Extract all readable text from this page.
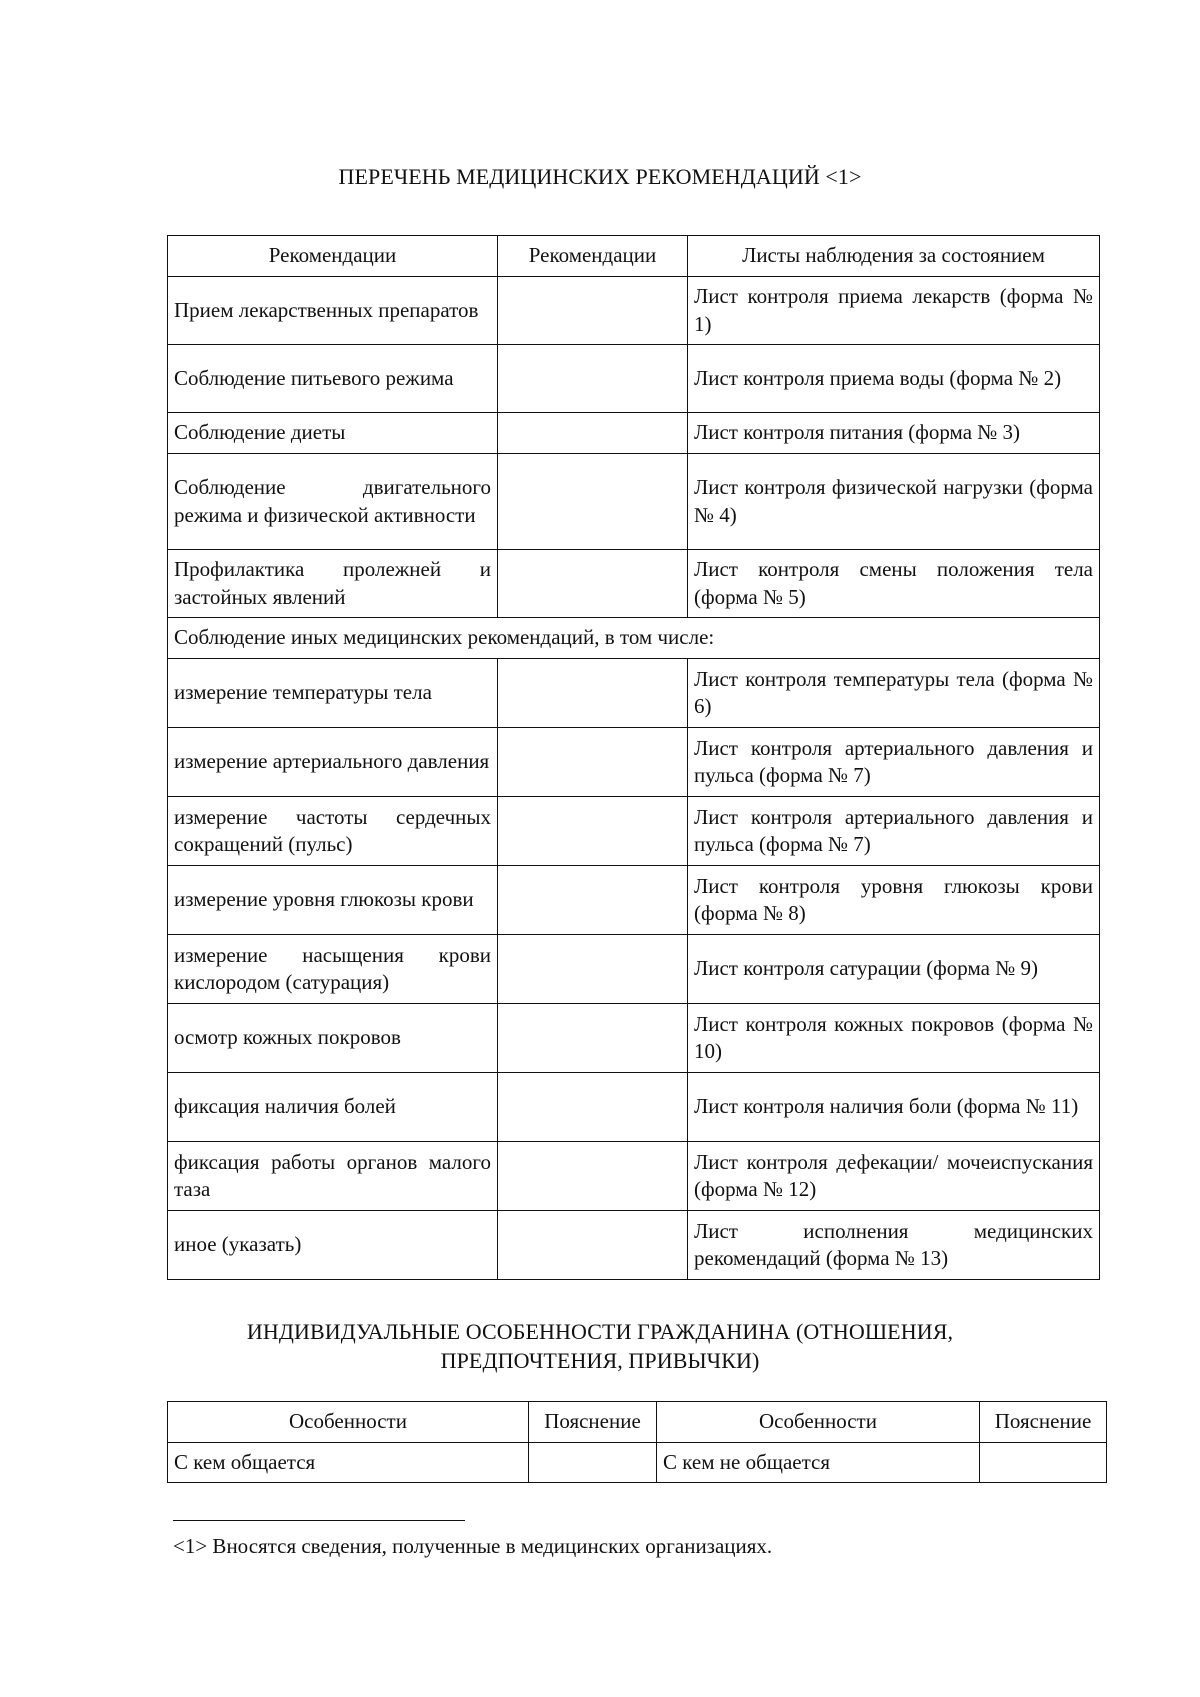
ПЕРЕЧЕНЬ МЕДИЦИНСКИХ РЕКОМЕНДАЦИЙ <1>
Рекомендации	Рекомендации	Листы наблюдения за состоянием
Прием лекарственных препаратов		Лист контроля приема лекарств (форма № 1)
Соблюдение питьевого режима		Лист контроля приема воды (форма № 2)
Соблюдение диеты		Лист контроля питания (форма № 3)
Соблюдение двигательного режима и физической активности		Лист контроля физической нагрузки (форма № 4)
Профилактика пролежней и застойных явлений		Лист контроля смены положения тела (форма № 5)
Соблюдение иных медицинских рекомендаций, в том числе:		
измерение температуры тела		Лист контроля температуры тела (форма № 6)
измерение артериального давления		Лист контроля артериального давления и пульса (форма № 7)
измерение частоты сердечных сокращений (пульс)		Лист контроля артериального давления и пульса (форма № 7)
измерение уровня глюкозы крови		Лист контроля уровня глюкозы крови (форма № 8)
измерение насыщения крови кислородом (сатурация)		Лист контроля сатурации (форма № 9)
осмотр кожных покровов		Лист контроля кожных покровов (форма № 10)
фиксация наличия болей		Лист контроля наличия боли (форма № 11)
фиксация работы органов малого таза		Лист контроля дефекации/ мочеиспускания (форма № 12)
иное (указать)		Лист исполнения медицинских рекомендаций (форма № 13)
ИНДИВИДУАЛЬНЫЕ ОСОБЕННОСТИ ГРАЖДАНИНА (ОТНОШЕНИЯ, ПРЕДПОЧТЕНИЯ, ПРИВЫЧКИ)
Особенности	Пояснение	Особенности	Пояснение
С кем общается		С кем не общается	
<1> Вносятся сведения, полученные в медицинских организациях.
